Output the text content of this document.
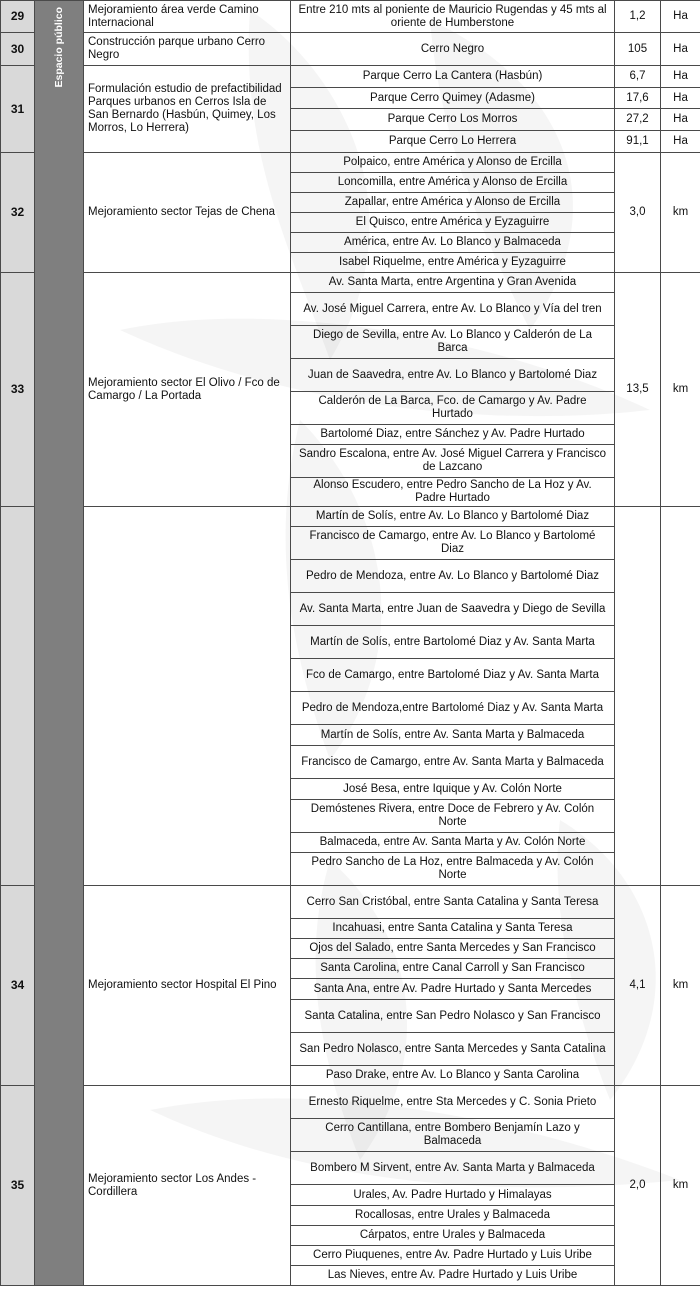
29	Espacio público	Mejoramiento área verde Camino Internacional	Entre 210 mts al poniente de Mauricio Rugendas y 45 mts al oriente de Humberstone	1,2	Ha
30		Construcción parque urbano Cerro Negro	Cerro Negro	105	Ha
31		Formulación estudio de prefactibilidad Parques urbanos en Cerros Isla de San Bernardo (Hasbún, Quimey, Los Morros, Lo Herrera)	Parque Cerro La Cantera (Hasbún)	6,7	Ha
			Parque Cerro Quimey (Adasme)	17,6	Ha
			Parque Cerro Los Morros	27,2	Ha
			Parque Cerro Lo Herrera	91,1	Ha
32		Mejoramiento sector Tejas de Chena	Polpaico, entre América y Alonso de Ercilla	3,0	km
			Loncomilla, entre América y Alonso de Ercilla		
			Zapallar, entre América y Alonso de Ercilla		
			El Quisco, entre América y Eyzaguirre		
			América, entre Av. Lo Blanco y Balmaceda		
			Isabel Riquelme, entre América y Eyzaguirre		
33		Mejoramiento sector El Olivo / Fco de Camargo / La Portada	Av. Santa Marta, entre Argentina y Gran Avenida	13,5	km
			Av. José Miguel Carrera, entre Av. Lo Blanco y Vía del tren		
			Diego de Sevilla, entre Av. Lo Blanco y Calderón de La Barca		
			Juan de Saavedra, entre Av. Lo Blanco y Bartolomé Diaz		
			Calderón de La Barca, Fco. de Camargo y Av. Padre Hurtado		
			Bartolomé Diaz, entre Sánchez y Av. Padre Hurtado		
			Sandro Escalona, entre Av. José Miguel Carrera y Francisco de Lazcano		
			Alonso Escudero, entre Pedro Sancho de La Hoz y Av. Padre Hurtado		
			Martín de Solís, entre Av. Lo Blanco y Bartolomé Diaz		
			Francisco de Camargo, entre Av. Lo Blanco y Bartolomé Diaz		
			Pedro de Mendoza, entre Av. Lo Blanco y Bartolomé Diaz		
			Av. Santa Marta, entre Juan de Saavedra y Diego de Sevilla		
			Martín de Solís, entre Bartolomé Diaz y Av. Santa Marta		
			Fco de Camargo, entre Bartolomé Diaz y Av. Santa Marta		
			Pedro de Mendoza,entre Bartolomé Diaz y Av. Santa Marta		
			Martín de Solís, entre Av. Santa Marta y Balmaceda		
			Francisco de Camargo, entre Av. Santa Marta y Balmaceda		
			José Besa, entre Iquique y Av. Colón Norte		
			Demóstenes Rivera, entre Doce de Febrero y Av. Colón Norte		
			Balmaceda, entre Av. Santa Marta y Av. Colón Norte		
			Pedro Sancho de La Hoz, entre Balmaceda y Av. Colón Norte		
34		Mejoramiento sector Hospital El Pino	Cerro San Cristóbal, entre Santa Catalina y Santa Teresa	4,1	km
			Incahuasi, entre Santa Catalina y Santa Teresa		
			Ojos del Salado, entre Santa Mercedes y San Francisco		
			Santa Carolina, entre Canal Carroll y San Francisco		
			Santa Ana, entre Av. Padre Hurtado y Santa Mercedes		
			Santa Catalina, entre San Pedro Nolasco y San Francisco		
			San Pedro Nolasco, entre Santa Mercedes y Santa Catalina		
			Paso Drake, entre Av. Lo Blanco y Santa Carolina		
35		Mejoramiento sector Los Andes - Cordillera	Ernesto Riquelme, entre Sta Mercedes y C. Sonia Prieto	2,0	km
			Cerro Cantillana, entre Bombero Benjamín Lazo y Balmaceda		
			Bombero M Sirvent, entre Av. Santa Marta y Balmaceda		
			Urales, Av. Padre Hurtado y Himalayas		
			Rocallosas, entre Urales y Balmaceda		
			Cárpatos, entre Urales y Balmaceda		
			Cerro Piuquenes, entre Av. Padre Hurtado y Luis Uribe		
			Las Nieves, entre Av. Padre Hurtado y Luis Uribe		
